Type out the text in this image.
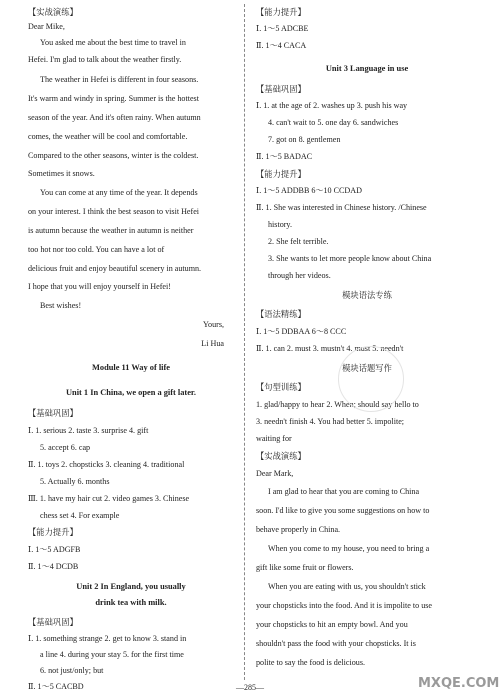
【实战演练】
Dear Mike,
You asked me about the best time to travel in
Hefei. I'm glad to talk about the weather firstly.
The weather in Hefei is different in four seasons.
It's warm and windy in spring. Summer is the hottest
season of the year. And it's often rainy. When autumn
comes, the weather will be cool and comfortable.
Compared to the other seasons, winter is the coldest.
Sometimes it snows.
You can come at any time of the year. It depends
on your interest. I think the best season to visit Hefei
is autumn because the weather in autumn is neither
too hot nor too cold. You can have a lot of
delicious fruit and enjoy beautiful scenery in autumn.
I hope that you will enjoy yourself in Hefei!
Best wishes!
Yours,
Li Hua
Module 11 Way of life
Unit 1 In China, we open a gift later.
【基础巩固】
Ⅰ. 1. serious 2. taste 3. surprise 4. gift
5. accept 6. cap
Ⅱ. 1. toys 2. chopsticks 3. cleaning 4. traditional
5. Actually 6. months
Ⅲ. 1. have my hair cut 2. video games 3. Chinese
chess set 4. For example
【能力提升】
Ⅰ. 1～5 ADGFB
Ⅱ. 1～4 DCDB
Unit 2 In England, you usually
drink tea with milk.
【基础巩固】
Ⅰ. 1. something strange 2. get to know 3. stand in
a line 4. during your stay 5. for the first time
6. not just/only; but
Ⅱ. 1～5 CACBD
【能力提升】
Ⅰ. 1～5 ADCBE
Ⅱ. 1～4 CACA
Unit 3 Language in use
【基础巩固】
Ⅰ. 1. at the age of 2. washes up 3. push his way
4. can't wait to 5. one day 6. sandwiches
7. got on 8. gentlemen
Ⅱ. 1～5 BADAC
【能力提升】
Ⅰ. 1～5 ADDBB 6～10 CCDAD
Ⅱ. 1. She was interested in Chinese history. /Chinese
history.
2. She felt terrible.
3. She wants to let more people know about China
through her videos.
模块语法专练
【语法精练】
Ⅰ. 1～5 DDBAA 6～8 CCC
Ⅱ. 1. can 2. must 3. mustn't 4. must 5. needn't
模块话题写作
【句型训练】
1. glad/happy to hear 2. When; should say hello to
3. needn't finish 4. You had better 5. impolite;
waiting for
【实战演练】
Dear Mark,
I am glad to hear that you are coming to China
soon. I'd like to give you some suggestions on how to
behave properly in China.
When you come to my house, you need to bring a
gift like some fruit or flowers.
When you are eating with us, you shouldn't stick
your chopsticks into the food. And it is impolite to use
your chopsticks to hit an empty bowl. And you
shouldn't pass the food with your chopsticks. It is
polite to say the food is delicious.
—285—	MXQE.COM
